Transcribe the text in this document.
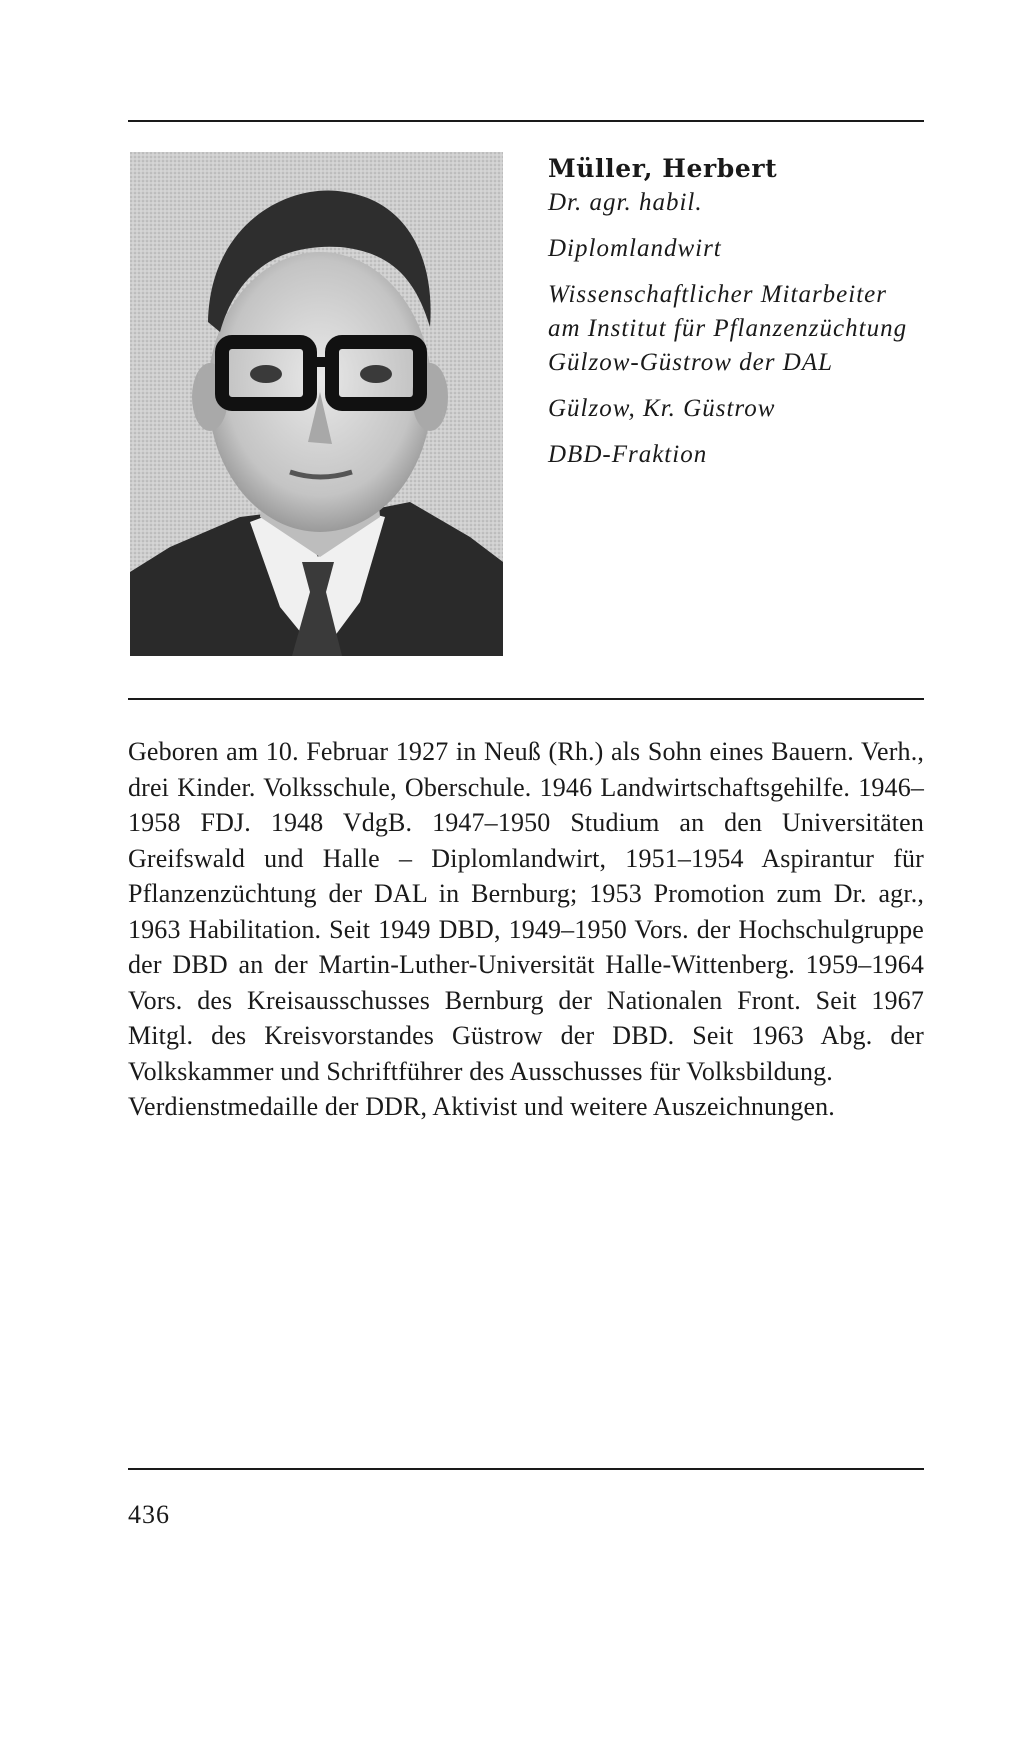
Müller, Herbert

Dr. agr. habil.

Diplomlandwirt

Wissenschaftlicher Mitarbeiter

am Institut für Pflanzenzüchtung

Gülzow-Güstrow der DAL

Gülzow, Kr. Güstrow

DBD-Fraktion

Geboren am 10. Februar 1927 in Neuß (Rh.) als Sohn eines Bauern. Verh., drei Kinder. Volksschule, Oberschule. 1946 Landwirtschaftsgehilfe. 1946–1958 FDJ. 1948 VdgB. 1947–1950 Studium an den Universitäten Greifswald und Halle – Diplomlandwirt, 1951–1954 Aspirantur für Pflanzenzüchtung der DAL in Bernburg; 1953 Promotion zum Dr. agr., 1963 Habilitation. Seit 1949 DBD, 1949–1950 Vors. der Hochschulgruppe der DBD an der Martin-Luther-Universität Halle-Wittenberg. 1959–1964 Vors. des Kreisausschusses Bernburg der Nationalen Front. Seit 1967 Mitgl. des Kreisvorstandes Güstrow der DBD. Seit 1963 Abg. der Volkskammer und Schriftführer des Ausschusses für Volksbildung.

Verdienstmedaille der DDR, Aktivist und weitere Auszeichnungen.

436
